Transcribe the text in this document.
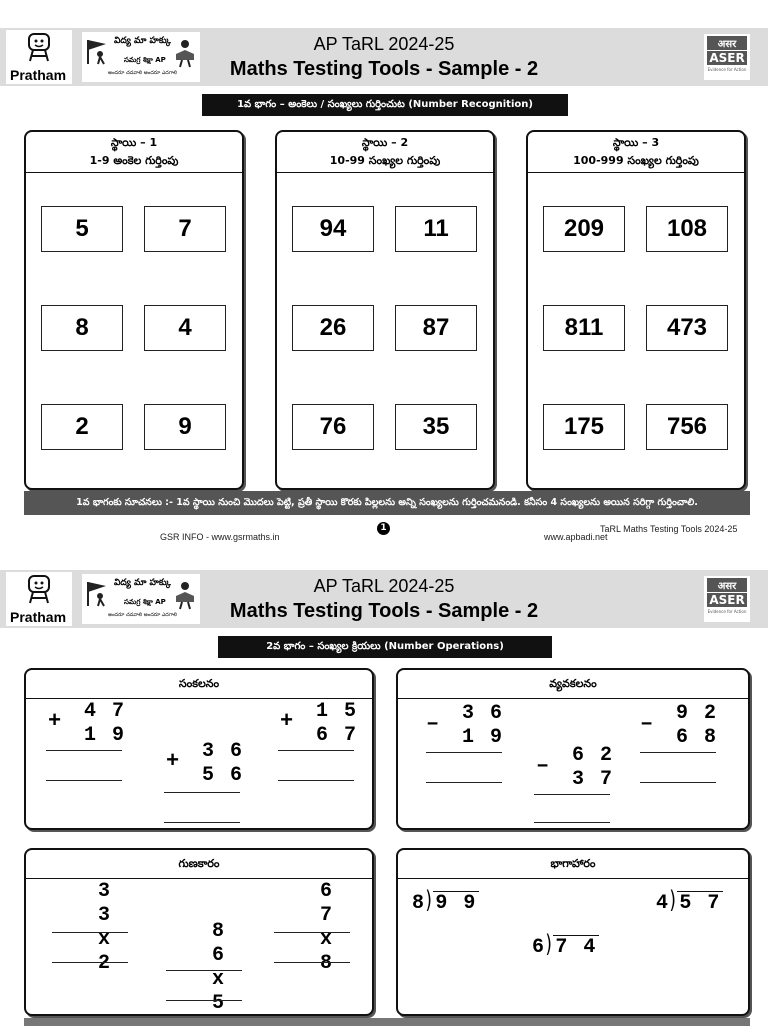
Pratham
విద్య మా హక్కు
సమగ్ర శిక్షా AP
అందరూ చదవాలి అందరూ ఎదగాలి
AP TaRL 2024-25
Maths Testing Tools - Sample - 2
असर
ASER
Evidence for Action
1వ భాగం – అంకెలు / సంఖ్యలు గుర్తించుట (Number Recognition)
స్థాయి – 1
1-9 అంకెల గుర్తింపు
5	7
8	4
2	9
స్థాయి – 2
10-99 సంఖ్యల గుర్తింపు
94	11
26	87
76	35
స్థాయి – 3
100-999 సంఖ్యల గుర్తింపు
209	108
811	473
175	756
1వ భాగంకు సూచనలు :- 1వ స్థాయి నుంచి మొదలు పెట్టి, ప్రతీ స్థాయి కొరకు పిల్లలను అన్ని సంఖ్యలను గుర్తించమనండి. కనీసం 4 సంఖ్యలను అయిన సరిగ్గా గుర్తించాలి.
GSR INFO - www.gsrmaths.in
1
www.apbadi.net
TaRL Maths Testing Tools 2024-25
Pratham
విద్య మా హక్కు
సమగ్ర శిక్షా AP
అందరూ చదవాలి అందరూ ఎదగాలి
AP TaRL 2024-25
Maths Testing Tools - Sample - 2
असर
ASER
Evidence for Action
2వ భాగం – సంఖ్యల క్రియలు (Number Operations)
సంకలనం
+	4 7
1 9
+	3 6
5 6
+	1 5
6 7
వ్యవకలనం
–	3 6
1 9
–	6 2
3 7
–	9 2
6 8
గుణకారం
3 3
x 2
8 6
x 5
6 7
x 8
భాగాహారం
8) 9 9
6) 7 4
4) 5 7
